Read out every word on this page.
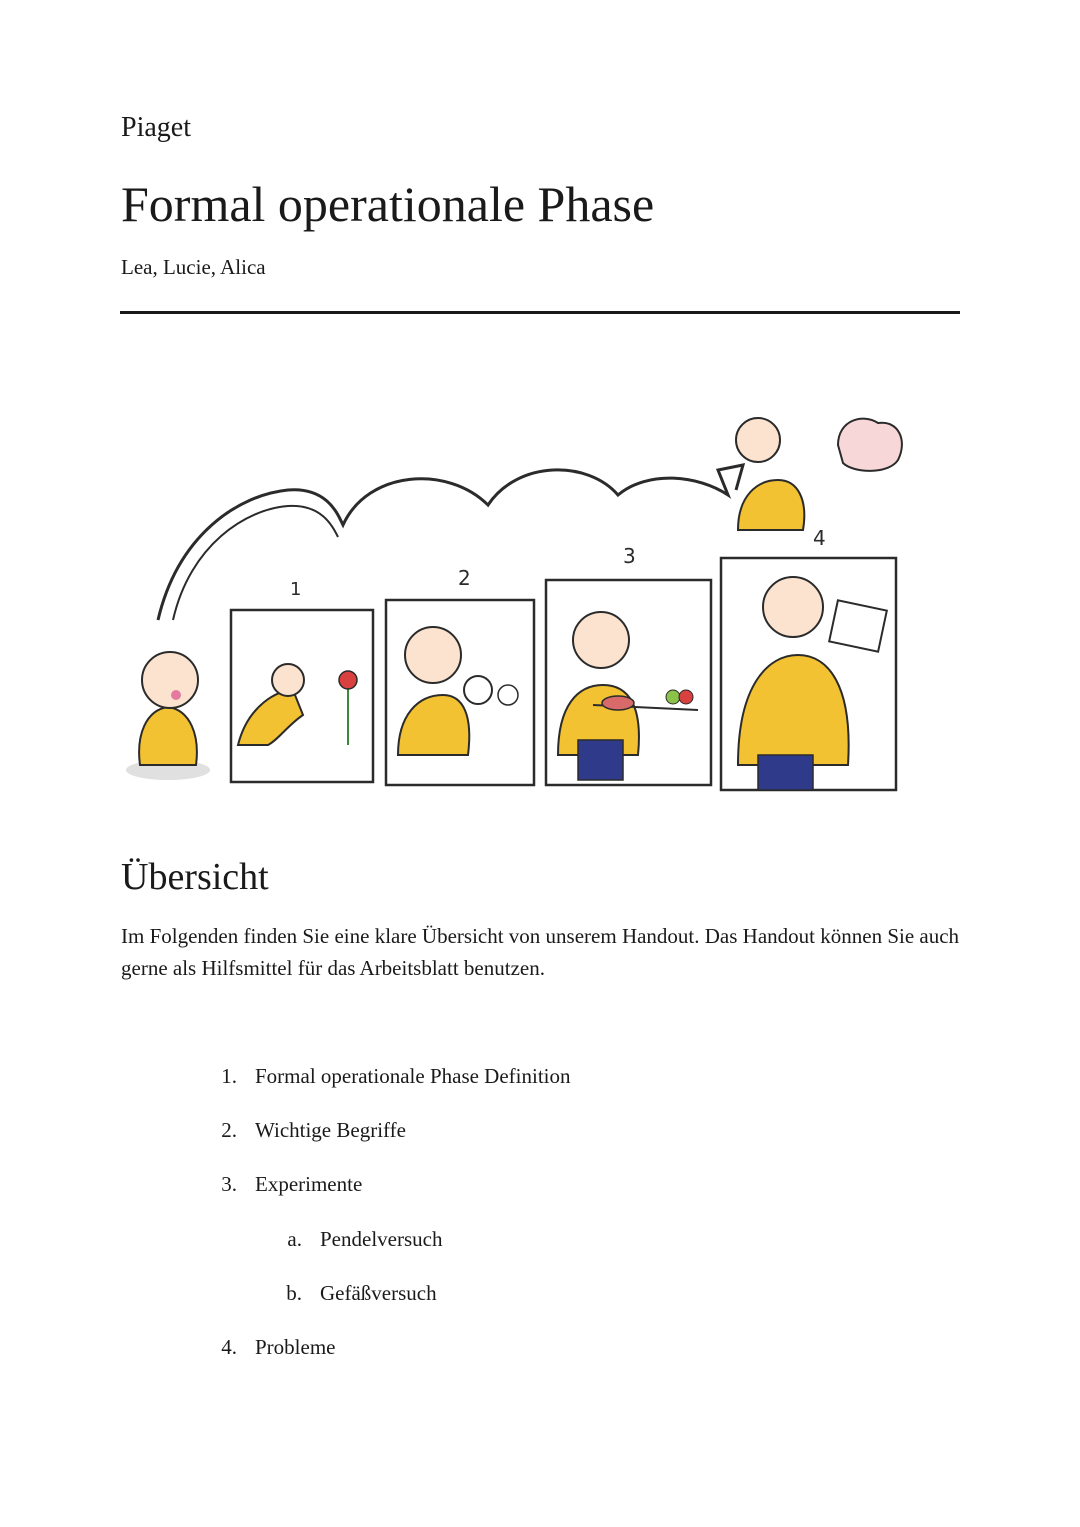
Piaget
Formal operationale Phase
Lea, Lucie, Alica
1	2
3
4
Übersicht
Im Folgenden finden Sie eine klare Übersicht von unserem Handout. Das Handout können Sie auch gerne als Hilfsmittel für das Arbeitsblatt benutzen.
1. Formal operationale Phase Definition
2. Wichtige Begriffe
3. Experimente
a. Pendelversuch
b. Gefäßversuch
4. Probleme
